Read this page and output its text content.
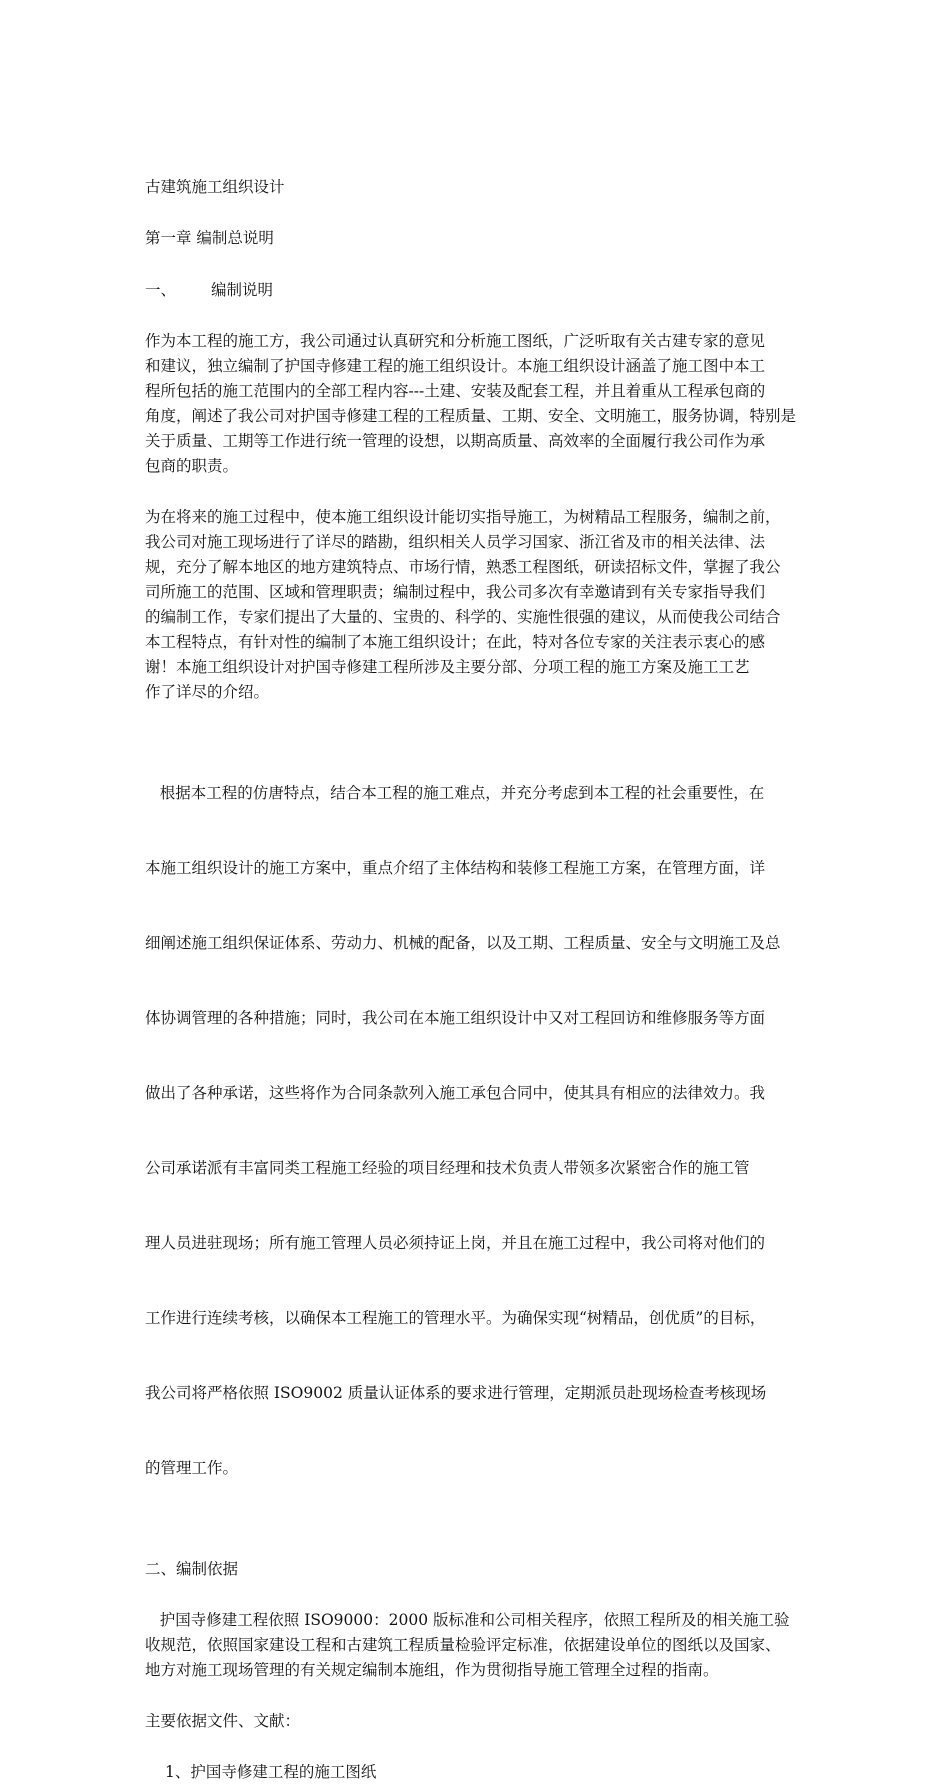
古建筑施工组织设计

第一章 编制总说明

一、 编制说明

作为本工程的施工方，我公司通过认真研究和分析施工图纸，广泛听取有关古建专家的意见

和建议，独立编制了护国寺修建工程的施工组织设计。本施工组织设计涵盖了施工图中本工

程所包括的施工范围内的全部工程内容---土建、安装及配套工程，并且着重从工程承包商的

角度，阐述了我公司对护国寺修建工程的工程质量、工期、安全、文明施工，服务协调，特别是

关于质量、工期等工作进行统一管理的设想，以期高质量、高效率的全面履行我公司作为承

包商的职责。

为在将来的施工过程中，使本施工组织设计能切实指导施工，为树精品工程服务，编制之前，

我公司对施工现场进行了详尽的踏勘，组织相关人员学习国家、浙江省及市的相关法律、法

规，充分了解本地区的地方建筑特点、市场行情，熟悉工程图纸，研读招标文件，掌握了我公

司所施工的范围、区域和管理职责；编制过程中，我公司多次有幸邀请到有关专家指导我们

的编制工作，专家们提出了大量的、宝贵的、科学的、实施性很强的建议，从而使我公司结合

本工程特点，有针对性的编制了本施工组织设计；在此，特对各位专家的关注表示衷心的感

谢！本施工组织设计对护国寺修建工程所涉及主要分部、分项工程的施工方案及施工工艺

作了详尽的介绍。

根据本工程的仿唐特点，结合本工程的施工难点，并充分考虑到本工程的社会重要性，在

本施工组织设计的施工方案中，重点介绍了主体结构和装修工程施工方案，在管理方面，详

细阐述施工组织保证体系、劳动力、机械的配备，以及工期、工程质量、安全与文明施工及总

体协调管理的各种措施；同时，我公司在本施工组织设计中又对工程回访和维修服务等方面

做出了各种承诺，这些将作为合同条款列入施工承包合同中，使其具有相应的法律效力。我

公司承诺派有丰富同类工程施工经验的项目经理和技术负责人带领多次紧密合作的施工管

理人员进驻现场；所有施工管理人员必须持证上岗，并且在施工过程中，我公司将对他们的

工作进行连续考核，以确保本工程施工的管理水平。为确保实现“树精品，创优质”的目标，

我公司将严格依照 ISO9002 质量认证体系的要求进行管理，定期派员赴现场检查考核现场

的管理工作。

二、编制依据

护国寺修建工程依照 ISO9000：2000 版标准和公司相关程序，依照工程所及的相关施工验

收规范，依照国家建设工程和古建筑工程质量检验评定标准，依据建设单位的图纸以及国家、

地方对施工现场管理的有关规定编制本施组，作为贯彻指导施工管理全过程的指南。

主要依据文件、文献：

1、护国寺修建工程的施工图纸
